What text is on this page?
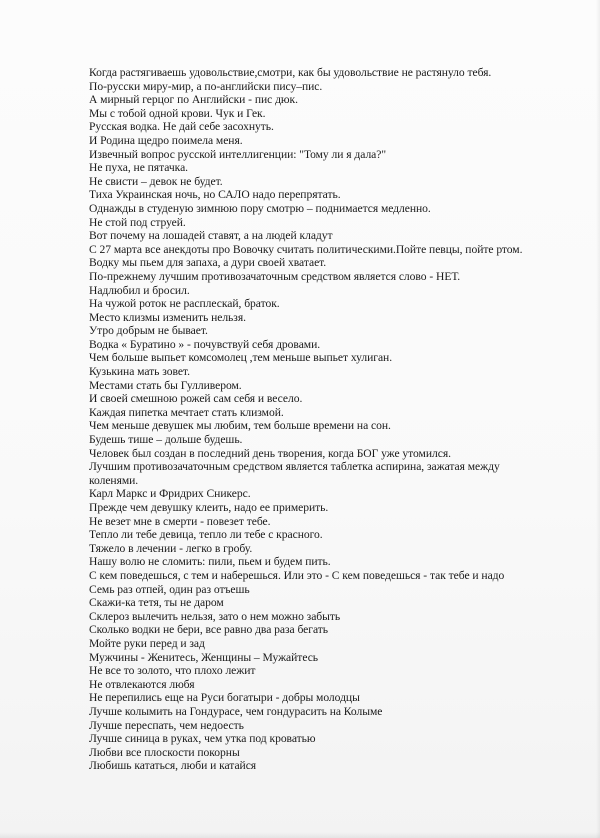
Когда растягиваешь удовольствие,смотри, как бы удовольствие не растянуло тебя.
По-русски миру-мир, а по-английски пису–пис.
А мирный герцог по Английски - пис дюк.
Мы с тобой одной крови. Чук и Гек.
Русская водка. Не дай себе засохнуть.
И Родина щедро поимела меня.
Извечный вопрос русской интеллигенции: "Тому ли я дала?"
Не пуха, не пятачка.
Не свисти – девок не будет.
Тиха Украинская ночь, но САЛО надо перепрятать.
Однажды в студеную зимнюю пору смотрю – поднимается медленно.
Не стой под струей.
Вот почему на лошадей ставят, а на людей кладут
С 27 марта все анекдоты про Вовочку считать политическими.Пойте певцы, пойте ртом.
Водку мы пьем для запаха, а дури своей хватает.
По-прежнему лучшим противозачаточным средством является слово - НЕТ.
Надлюбил и бросил.
На чужой роток не расплескай, браток.
Место клизмы изменить нельзя.
Утро добрым не бывает.
Водка « Буратино » - почувствуй себя дровами.
Чем больше выпьет комсомолец ,тем меньше выпьет хулиган.
Кузькина мать зовет.
Местами стать бы Гулливером.
И своей смешною рожей сам себя и весело.
Каждая пипетка мечтает стать клизмой.
Чем меньше девушек мы любим, тем больше времени на сон.
Будешь тише – дольше будешь.
Человек был создан в последний день творения, когда БОГ уже утомился.
Лучшим противозачаточным средством является таблетка аспирина, зажатая между коленями.
Карл Маркс и Фридрих Сникерс.
Прежде чем девушку клеить, надо ее примерить.
Не везет мне в смерти - повезет тебе.
Тепло ли тебе девица, тепло ли тебе с красного.
Тяжело в лечении - легко в гробу.
Нашу волю не сломить: пили, пьем и будем пить.
С кем поведешься, с тем и наберешься. Или это - С кем поведешься - так тебе и надо
Семь раз отпей, один раз отъешь
Скажи-ка тетя, ты не даром
Склероз вылечить нельзя, зато о нем можно забыть
Сколько водки не бери, все равно два раза бегать
Мойте руки перед и зад
Мужчины - Женитесь, Женщины – Мужайтесь
Не все то золото, что плохо лежит
Не отвлекаются любя
Не перепились еще на Руси богатыри - добры молодцы
Лучше колымить на Гондурасе, чем гондурасить на Колыме
Лучше переспать, чем недоесть
Лучше синица в руках, чем утка под кроватью
Любви все плоскости покорны
Любишь кататься, люби и катайся
